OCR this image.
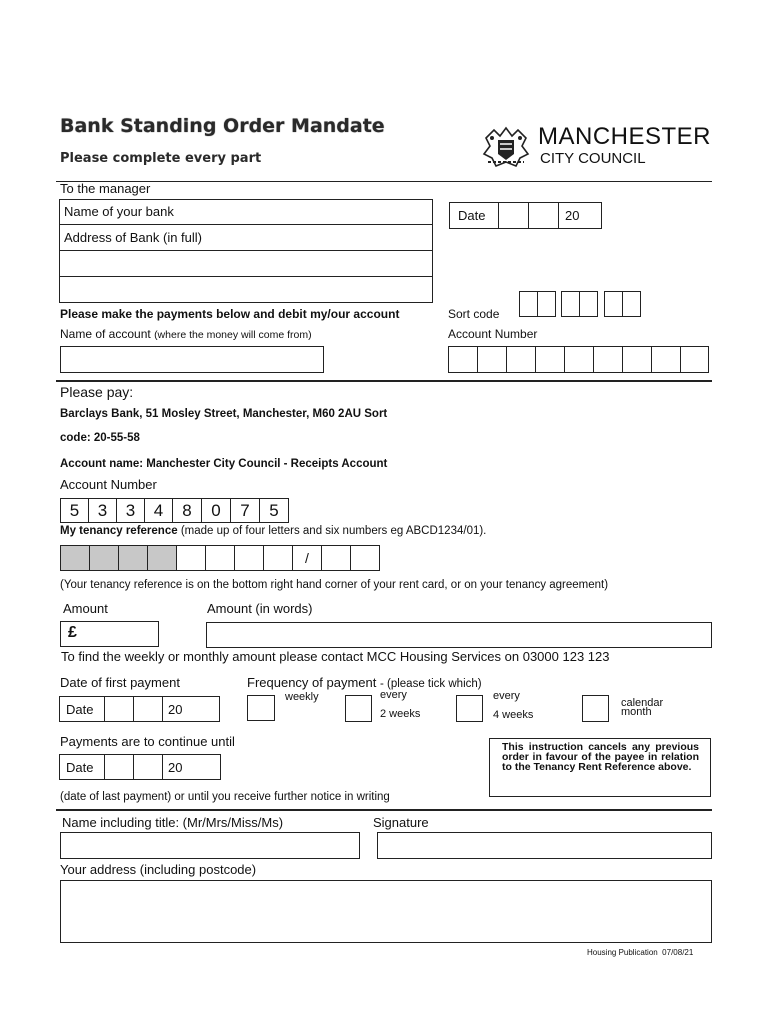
Bank Standing Order Mandate
Please complete every part
MANCHESTER
CITY COUNCIL
To the manager
Name of your bank
Address of Bank (in full)
Date	20
Please make the payments below and debit my/our account
Name of account (where the money will come from)
Sort code
Account Number
Please pay:
Barclays Bank, 51 Mosley Street, Manchester, M60 2AU Sort
code: 20-55-58
Account name: Manchester City Council - Receipts Account
Account Number
5	3	3	4	8	0	7	5
My tenancy reference (made up of four letters and six numbers eg ABCD1234/01).
/
(Your tenancy reference is on the bottom right hand corner of your rent card, or on your tenancy agreement)
Amount	Amount (in words)
£
To find the weekly or monthly amount please contact MCC Housing Services on 03000 123 123
Date of first payment
Date	20
Frequency of payment - (please tick which)
weekly	every
2 weeks
every
4 weeks
calendar
month
Payments are to continue until
Date	20
This instruction cancels any previous order in favour of the payee in relation to the Tenancy Rent Reference above.
(date of last payment) or until you receive further notice in writing
Name including title: (Mr/Mrs/Miss/Ms)	Signature
Your address (including postcode)
Housing Publication 07/08/21
